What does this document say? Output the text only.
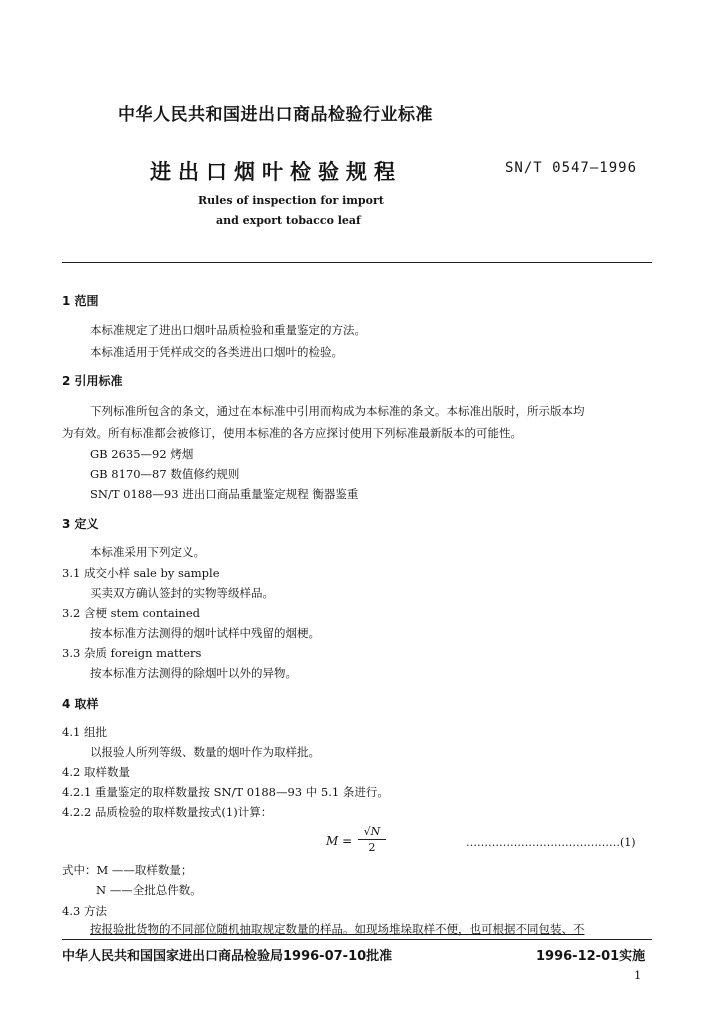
中华人民共和国进出口商品检验行业标准
进出口烟叶检验规程	SN/T 0547—1996
Rules of inspection for import
and export tobacco leaf
1 范围
本标准规定了进出口烟叶品质检验和重量鉴定的方法。
本标准适用于凭样成交的各类进出口烟叶的检验。
2 引用标准
下列标准所包含的条文，通过在本标准中引用而构成为本标准的条文。本标准出版时，所示版本均
为有效。所有标准都会被修订，使用本标准的各方应探讨使用下列标准最新版本的可能性。
GB 2635—92 烤烟
GB 8170—87 数值修约规则
SN/T 0188—93 进出口商品重量鉴定规程 衡器鉴重
3 定义
本标准采用下列定义。
3.1 成交小样 sale by sample
买卖双方确认签封的实物等级样品。
3.2 含梗 stem contained
按本标准方法测得的烟叶试样中残留的烟梗。
3.3 杂质 foreign matters
按本标准方法测得的除烟叶以外的异物。
4 取样
4.1 组批
以报验人所列等级、数量的烟叶作为取样批。
4.2 取样数量
4.2.1 重量鉴定的取样数量按 SN/T 0188—93 中 5.1 条进行。
4.2.2 品质检验的取样数量按式(1)计算：
$M = \frac{√N}{2}$	……………………………………(1)
式中：M ——取样数量；
N ——全批总件数。
4.3 方法
按报验批货物的不同部位随机抽取规定数量的样品。如现场堆垛取样不便，也可根据不同包装、不
中华人民共和国国家进出口商品检验局1996-07-10批准	1996-12-01实施
1
